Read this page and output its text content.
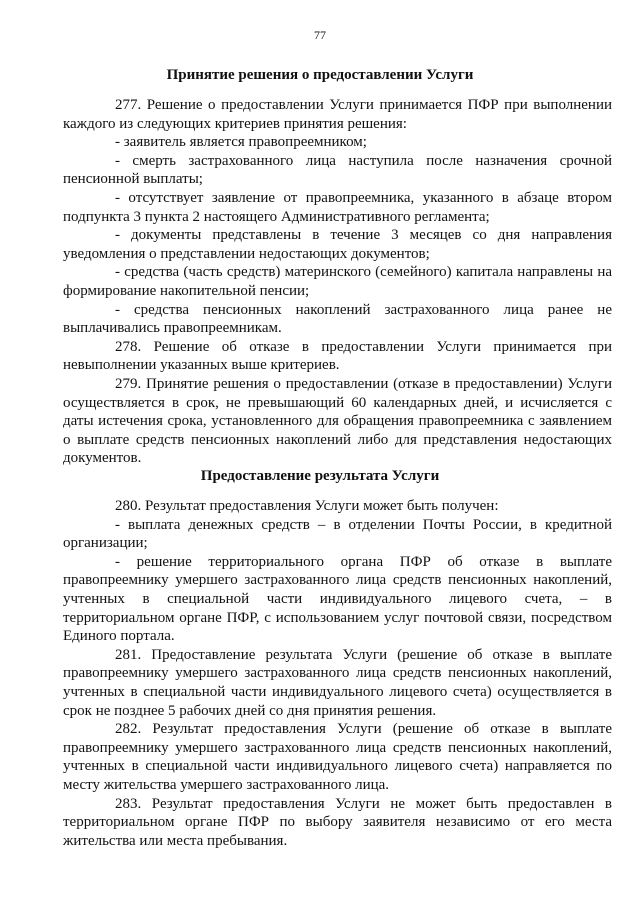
77
Принятие решения о предоставлении Услуги

277. Решение о предоставлении Услуги принимается ПФР при выполнении каждого из следующих критериев принятия решения:

- заявитель является правопреемником;

- смерть застрахованного лица наступила после назначения срочной пенсионной выплаты;

- отсутствует заявление от правопреемника, указанного в абзаце втором подпункта 3 пункта 2 настоящего Административного регламента;

- документы представлены в течение 3 месяцев со дня направления уведомления о представлении недостающих документов;

- средства (часть средств) материнского (семейного) капитала направлены на формирование накопительной пенсии;

- средства пенсионных накоплений застрахованного лица ранее не выплачивались правопреемникам.

278. Решение об отказе в предоставлении Услуги принимается при невыполнении указанных выше критериев.

279. Принятие решения о предоставлении (отказе в предоставлении) Услуги осуществляется в срок, не превышающий 60 календарных дней, и исчисляется с даты истечения срока, установленного для обращения правопреемника с заявлением о выплате средств пенсионных накоплений либо для представления недостающих документов.

Предоставление результата Услуги

280. Результат предоставления Услуги может быть получен:

- выплата денежных средств – в отделении Почты России, в кредитной организации;

- решение территориального органа ПФР об отказе в выплате правопреемнику умершего застрахованного лица средств пенсионных накоплений, учтенных в специальной части индивидуального лицевого счета, – в территориальном органе ПФР, с использованием услуг почтовой связи, посредством Единого портала.

281. Предоставление результата Услуги (решение об отказе в выплате правопреемнику умершего застрахованного лица средств пенсионных накоплений, учтенных в специальной части индивидуального лицевого счета) осуществляется в срок не позднее 5 рабочих дней со дня принятия решения.

282. Результат предоставления Услуги (решение об отказе в выплате правопреемнику умершего застрахованного лица средств пенсионных накоплений, учтенных в специальной части индивидуального лицевого счета) направляется по месту жительства умершего застрахованного лица.

283. Результат предоставления Услуги не может быть предоставлен в территориальном органе ПФР по выбору заявителя независимо от его места жительства или места пребывания.
